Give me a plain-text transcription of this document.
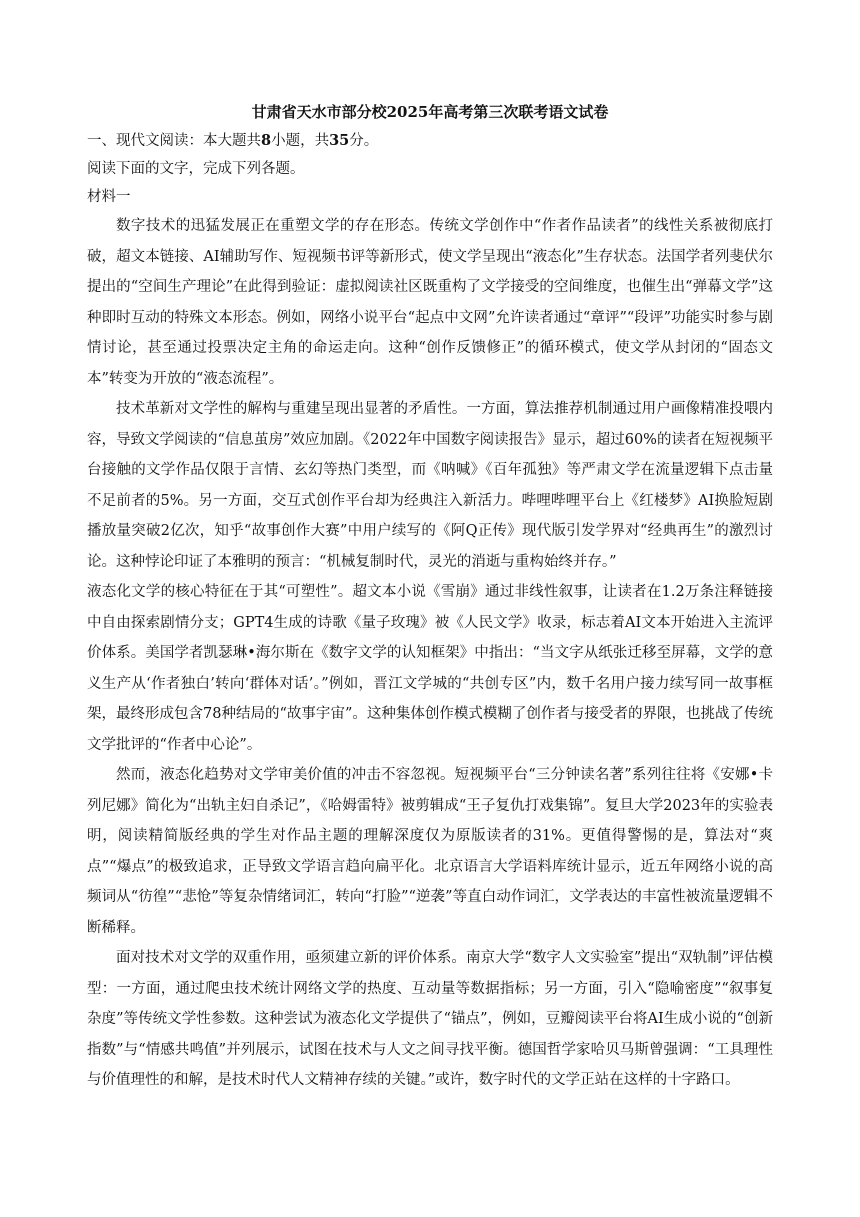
甘肃省天水市部分校2025年高考第三次联考语文试卷
一、现代文阅读：本大题共8小题，共35分。
阅读下面的文字，完成下列各题。
材料一

数字技术的迅猛发展正在重塑文学的存在形态。传统文学创作中“作者作品读者”的线性关系被彻底打破，超文本链接、AI辅助写作、短视频书评等新形式，使文学呈现出“液态化”生存状态。法国学者列斐伏尔提出的“空间生产理论”在此得到验证：虚拟阅读社区既重构了文学接受的空间维度，也催生出“弹幕文学”这种即时互动的特殊文本形态。例如，网络小说平台“起点中文网”允许读者通过“章评”“段评”功能实时参与剧情讨论，甚至通过投票决定主角的命运走向。这种“创作反馈修正”的循环模式，使文学从封闭的“固态文本”转变为开放的“液态流程”。

技术革新对文学性的解构与重建呈现出显著的矛盾性。一方面，算法推荐机制通过用户画像精准投喂内容，导致文学阅读的“信息茧房”效应加剧。《2022年中国数字阅读报告》显示，超过60%的读者在短视频平台接触的文学作品仅限于言情、玄幻等热门类型，而《呐喊》《百年孤独》等严肃文学在流量逻辑下点击量不足前者的5%。另一方面，交互式创作平台却为经典注入新活力。哔哩哔哩平台上《红楼梦》AI换脸短剧播放量突破2亿次，知乎“故事创作大赛”中用户续写的《阿Q正传》现代版引发学界对“经典再生”的激烈讨论。这种悖论印证了本雅明的预言：“机械复制时代，灵光的消逝与重构始终并存。”

液态化文学的核心特征在于其“可塑性”。超文本小说《雪崩》通过非线性叙事，让读者在1.2万条注释链接中自由探索剧情分支；GPT4生成的诗歌《量子玫瑰》被《人民文学》收录，标志着AI文本开始进入主流评价体系。美国学者凯瑟琳•海尔斯在《数字文学的认知框架》中指出：“当文字从纸张迁移至屏幕，文学的意义生产从‘作者独白’转向‘群体对话’。”例如，晋江文学城的“共创专区”内，数千名用户接力续写同一故事框架，最终形成包含78种结局的“故事宇宙”。这种集体创作模式模糊了创作者与接受者的界限，也挑战了传统文学批评的“作者中心论”。

然而，液态化趋势对文学审美价值的冲击不容忽视。短视频平台“三分钟读名著”系列往往将《安娜•卡列尼娜》简化为“出轨主妇自杀记”，《哈姆雷特》被剪辑成“王子复仇打戏集锦”。复旦大学2023年的实验表明，阅读精简版经典的学生对作品主题的理解深度仅为原版读者的31%。更值得警惕的是，算法对“爽点”“爆点”的极致追求，正导致文学语言趋向扁平化。北京语言大学语料库统计显示，近五年网络小说的高频词从“彷徨”“悲怆”等复杂情绪词汇，转向“打脸”“逆袭”等直白动作词汇，文学表达的丰富性被流量逻辑不断稀释。

面对技术对文学的双重作用，亟须建立新的评价体系。南京大学“数字人文实验室”提出“双轨制”评估模型：一方面，通过爬虫技术统计网络文学的热度、互动量等数据指标；另一方面，引入“隐喻密度”“叙事复杂度”等传统文学性参数。这种尝试为液态化文学提供了“锚点”，例如，豆瓣阅读平台将AI生成小说的“创新指数”与“情感共鸣值”并列展示，试图在技术与人文之间寻找平衡。德国哲学家哈贝马斯曾强调：“工具理性与价值理性的和解，是技术时代人文精神存续的关键。”或许，数字时代的文学正站在这样的十字路口。
